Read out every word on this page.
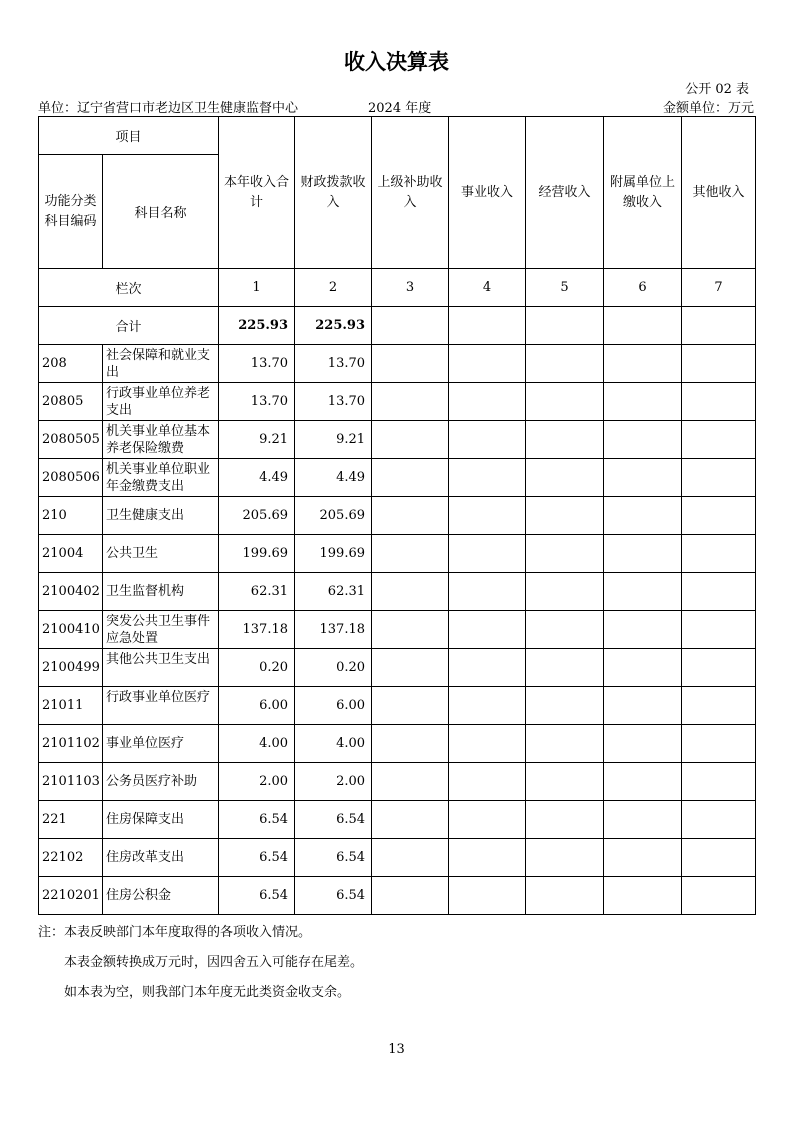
收入决算表
公开 02 表
单位：辽宁省营口市老边区卫生健康监督中心	2024 年度	金额单位：万元
项目		本年收入合计	财政拨款收入	上级补助收入	事业收入	经营收入	附属单位上缴收入	其他收入

功能分类科目编码	科目名称							
栏次		1	2	3	4	5	6	7
合计		225.93	225.93					
208	社会保障和就业支出	13.70	13.70					
20805	行政事业单位养老支出	13.70	13.70					
2080505	机关事业单位基本养老保险缴费	9.21	9.21					
2080506	机关事业单位职业年金缴费支出	4.49	4.49					
210	卫生健康支出	205.69	205.69					
21004	公共卫生	199.69	199.69					
2100402	卫生监督机构	62.31	62.31					
2100410	突发公共卫生事件应急处置	137.18	137.18					
2100499	其他公共卫生支出	0.20	0.20					
21011	行政事业单位医疗	6.00	6.00					
2101102	事业单位医疗	4.00	4.00					
2101103	公务员医疗补助	2.00	2.00					
221	住房保障支出	6.54	6.54					
22102	住房改革支出	6.54	6.54					
2210201	住房公积金	6.54	6.54					
注：本表反映部门本年度取得的各项收入情况。
本表金额转换成万元时，因四舍五入可能存在尾差。
如本表为空，则我部门本年度无此类资金收支余。
13
